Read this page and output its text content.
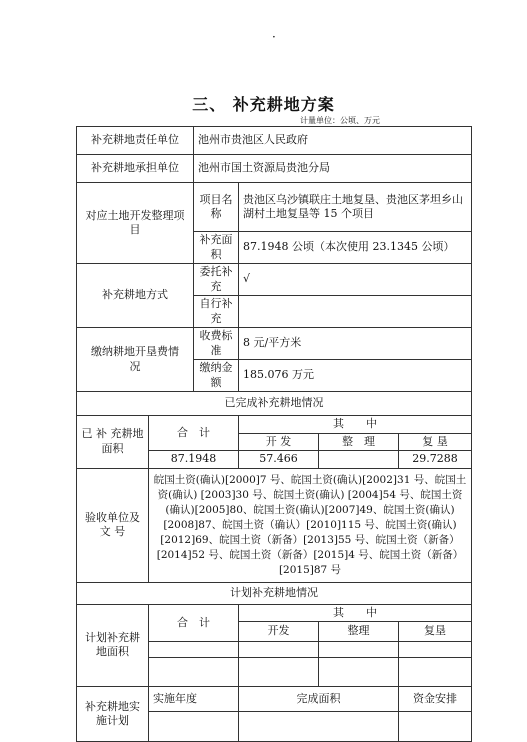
·
三、 补充耕地方案
计量单位：公顷、万元
补充耕地责任单位		池州市贵池区人民政府			
补充耕地承担单位		池州市国土资源局贵池分局			
对应土地开发整理项目		项目名称	贵池区乌沙镇联庄土地复垦、贵池区茅坦乡山湖村土地复垦等 15 个项目		
		补充面积	87.1948 公顷（本次使用 23.1345 公顷）		
补充耕地方式		委托补充	√		
		自行补充			
缴纳耕地开垦费情　　况		收费标准	8 元/平方米		
		缴纳金额	185.076 万元		
已完成补充耕地情况					
已 补 充耕地面积	合　计		其　　中		
			开 发	整　理	复 垦
	87.1948		57.466		29.7288
验收单位及 文 号	皖国土资(确认)[2000]7 号、皖国土资(确认)[2002]31 号、皖国土资(确认) [2003]30 号、皖国土资(确认) [2004]54 号、皖国土资(确认)[2005]80、皖国土资(确认)[2007]49、皖国土资(确认)[2008]87、皖国土资（确认）[2010]115 号、皖国土资(确认)[2012]69、皖国土资（新备）[2013]55 号、皖国土资（新备）[2014]52 号、皖国土资（新备）[2015]4 号、皖国土资（新备）[2015]87 号				
计划补充耕地情况					
计划补充耕地面积	合　计		其　　中		
			开发	整理	复垦

补充耕地实施计划	实施年度		完成面积		资金安排
